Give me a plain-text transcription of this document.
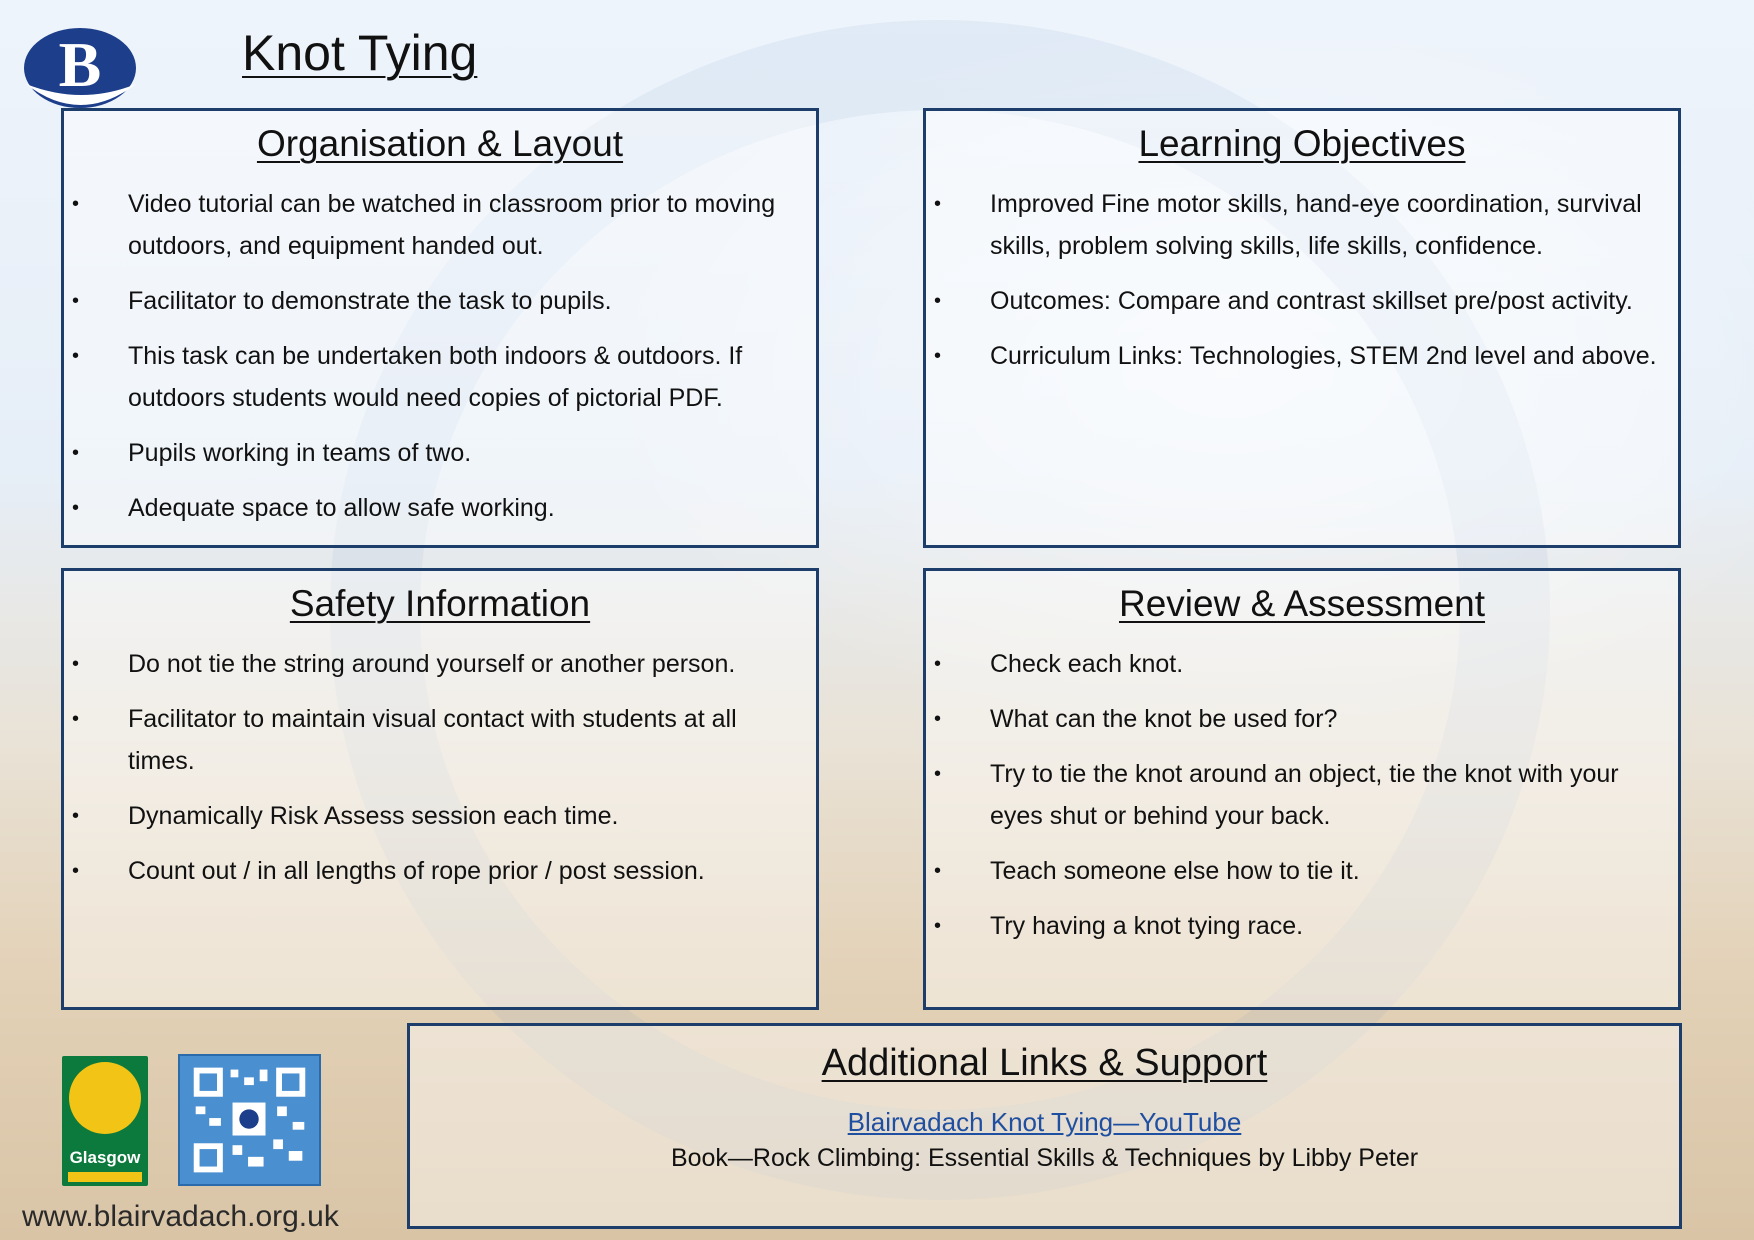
B	Knot Tying
Organisation & Layout
• Video tutorial can be watched in classroom prior to moving outdoors, and equipment handed out.
• Facilitator to demonstrate the task to pupils.
• This task can be undertaken both indoors & outdoors. If outdoors students would need copies of pictorial PDF.
• Pupils working in teams of two.
• Adequate space to allow safe working.
Learning Objectives
• Improved Fine motor skills, hand-eye coordination, survival skills, problem solving skills, life skills, confidence.
• Outcomes: Compare and contrast skillset pre/post activity.
• Curriculum Links: Technologies, STEM 2nd level and above.
Safety Information
• Do not tie the string around yourself or another person.
• Facilitator to maintain visual contact with students at all times.
• Dynamically Risk Assess session each time.
• Count out / in all lengths of rope prior / post session.
Review & Assessment
• Check each knot.
• What can the knot be used for?
• Try to tie the knot around an object, tie the knot with your eyes shut or behind your back.
• Teach someone else how to tie it.
• Try having a knot tying race.
Additional Links & Support
Blairvadach Knot Tying—YouTube
Book—Rock Climbing: Essential Skills & Techniques by Libby Peter
Glasgow
www.blairvadach.org.uk
